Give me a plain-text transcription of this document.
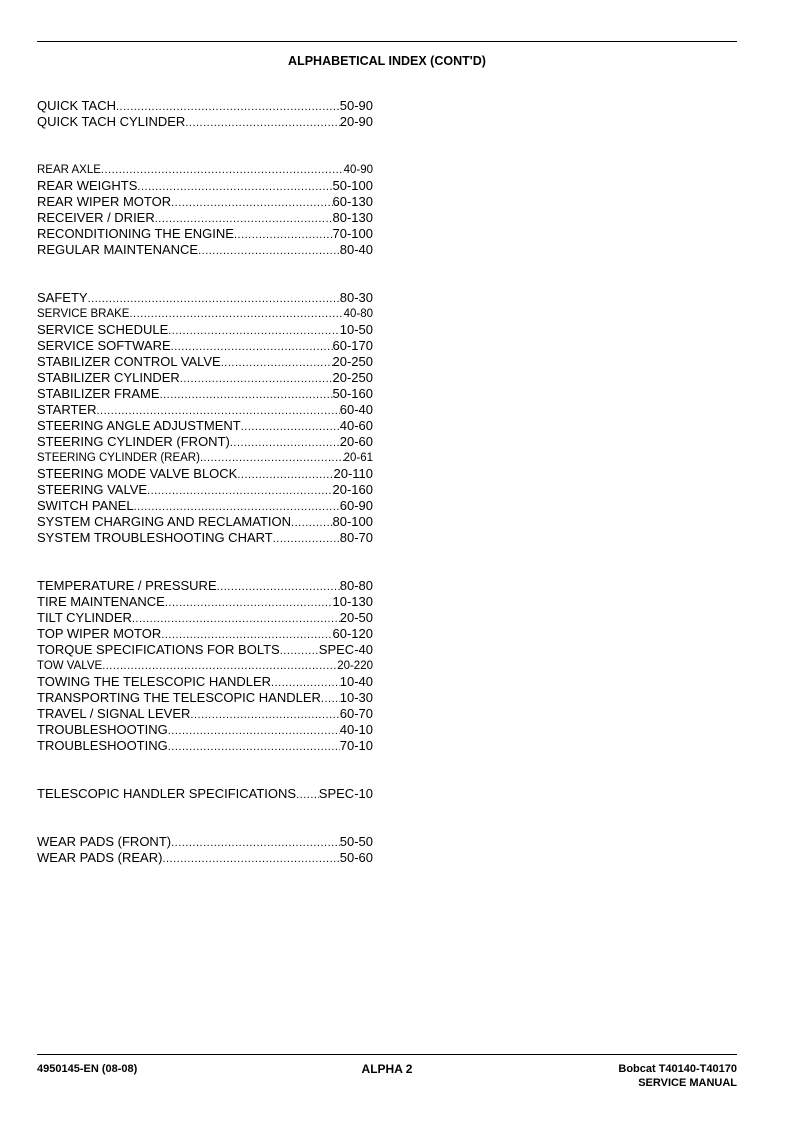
ALPHABETICAL INDEX (CONT'D)
QUICK TACH .....	50-90
QUICK TACH CYLINDER .....	20-90
REAR AXLE .....	40-90
REAR WEIGHTS .....	50-100
REAR WIPER MOTOR .....	60-130
RECEIVER / DRIER .....	80-130
RECONDITIONING THE ENGINE .....	70-100
REGULAR MAINTENANCE .....	80-40
SAFETY .....	80-30
SERVICE BRAKE .....	40-80
SERVICE SCHEDULE .....	10-50
SERVICE SOFTWARE .....	60-170
STABILIZER CONTROL VALVE .....	20-250
STABILIZER CYLINDER .....	20-250
STABILIZER FRAME .....	50-160
STARTER .....	60-40
STEERING ANGLE ADJUSTMENT .....	40-60
STEERING CYLINDER (FRONT) .....	20-60
STEERING CYLINDER (REAR) .....	20-61
STEERING MODE VALVE BLOCK .....	20-110
STEERING VALVE .....	20-160
SWITCH PANEL .....	60-90
SYSTEM CHARGING AND RECLAMATION .....	80-100
SYSTEM TROUBLESHOOTING CHART .....	80-70
TEMPERATURE / PRESSURE .....	80-80
TIRE MAINTENANCE .....	10-130
TILT CYLINDER .....	20-50
TOP WIPER MOTOR .....	60-120
TORQUE SPECIFICATIONS FOR BOLTS .....	SPEC-40
TOW VALVE .....	20-220
TOWING THE TELESCOPIC HANDLER .....	10-40
TRANSPORTING THE TELESCOPIC HANDLER ..... 10-30
TRAVEL / SIGNAL LEVER .....	60-70
TROUBLESHOOTING .....	40-10
TROUBLESHOOTING .....	70-10
TELESCOPIC HANDLER SPECIFICATIONS ..... SPEC-10
WEAR PADS (FRONT) .....	50-50
WEAR PADS (REAR) .....	50-60
4950145-EN (08-08)	ALPHA 2	Bobcat T40140-T40170
SERVICE MANUAL
